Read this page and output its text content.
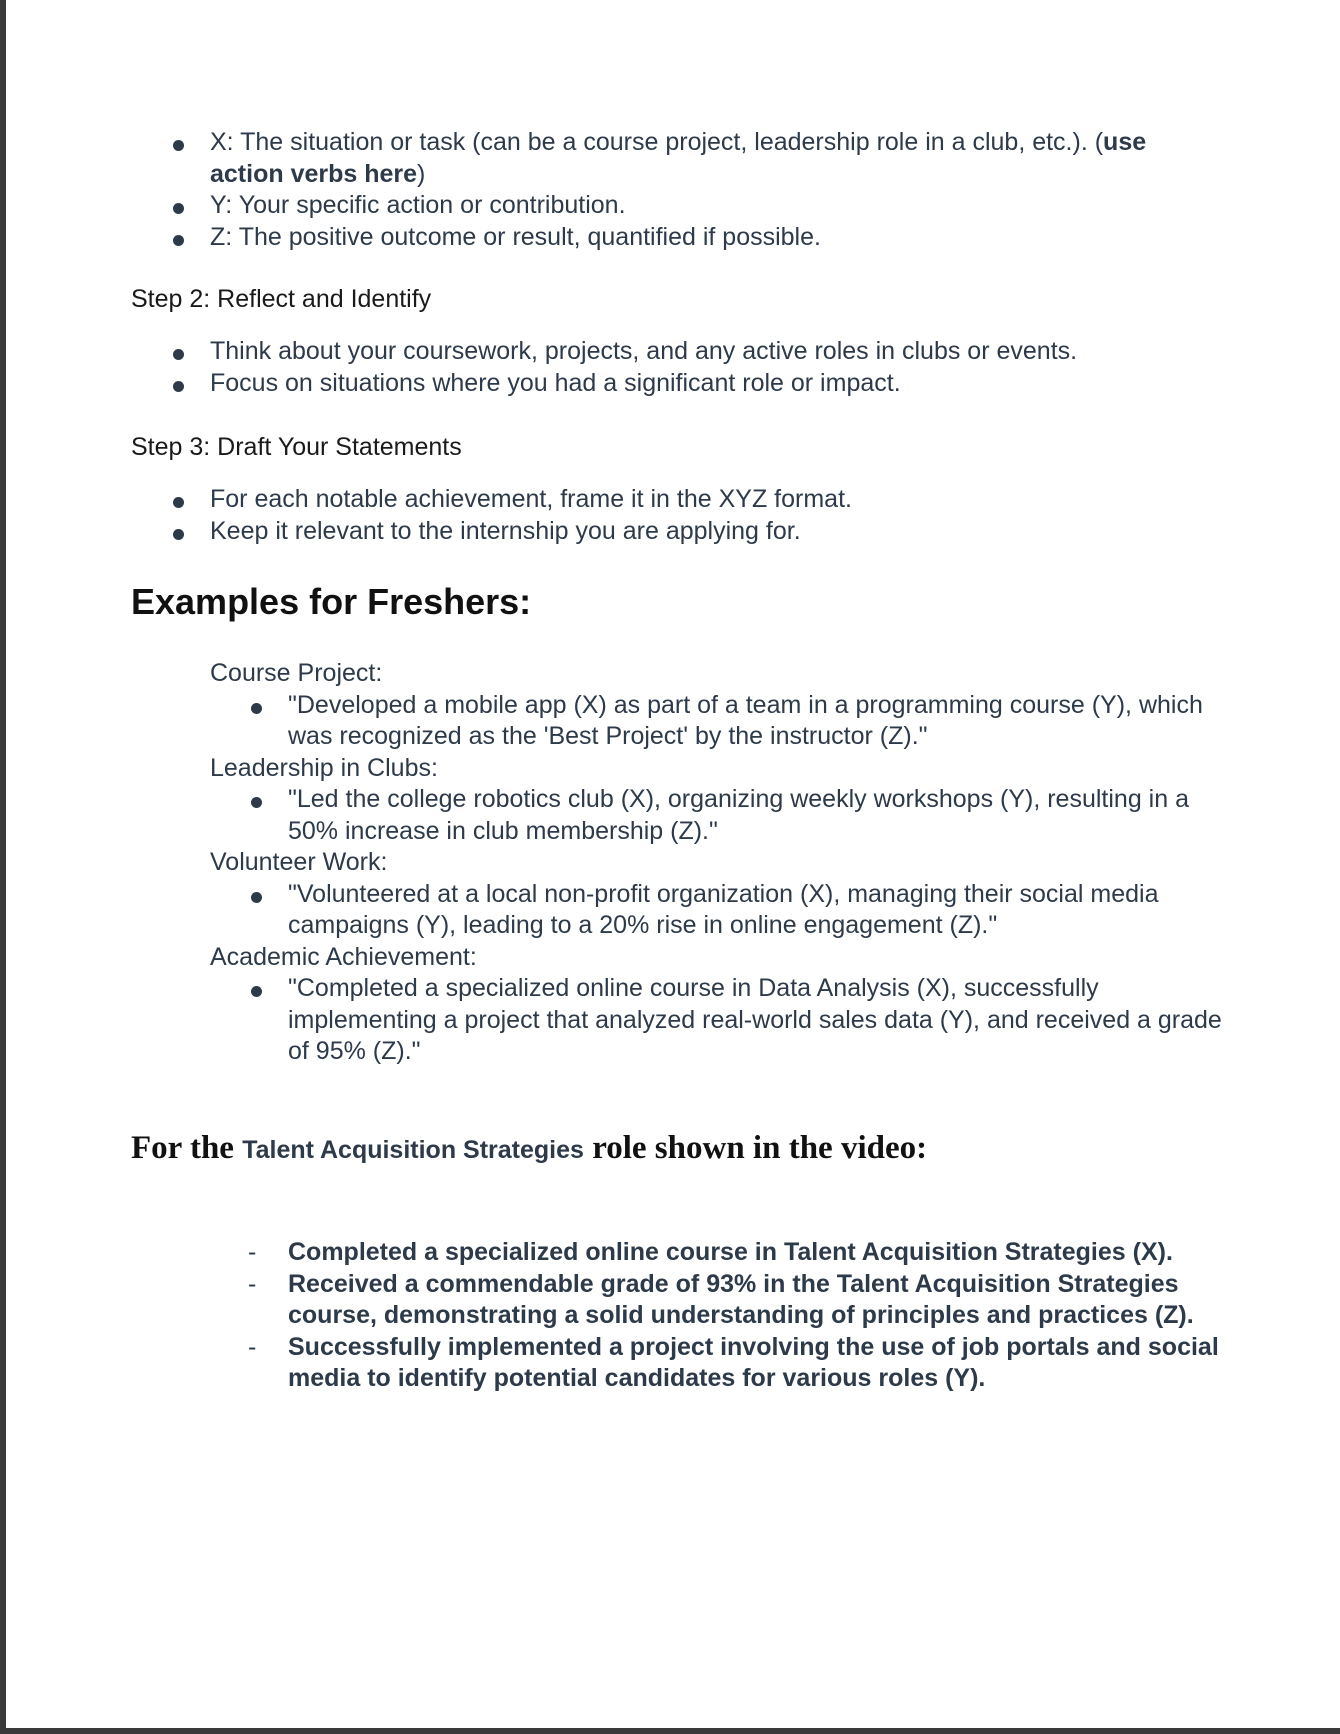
X: The situation or task (can be a course project, leadership role in a club, etc.). (use action verbs here)
Y: Your specific action or contribution.
Z: The positive outcome or result, quantified if possible.
Step 2: Reflect and Identify
Think about your coursework, projects, and any active roles in clubs or events.
Focus on situations where you had a significant role or impact.
Step 3: Draft Your Statements
For each notable achievement, frame it in the XYZ format.
Keep it relevant to the internship you are applying for.
Examples for Freshers:
Course Project:
"Developed a mobile app (X) as part of a team in a programming course (Y), which was recognized as the 'Best Project' by the instructor (Z)."
Leadership in Clubs:
"Led the college robotics club (X), organizing weekly workshops (Y), resulting in a 50% increase in club membership (Z)."
Volunteer Work:
"Volunteered at a local non-profit organization (X), managing their social media campaigns (Y), leading to a 20% rise in online engagement (Z)."
Academic Achievement:
"Completed a specialized online course in Data Analysis (X), successfully implementing a project that analyzed real-world sales data (Y), and received a grade of 95% (Z)."
For the Talent Acquisition Strategies role shown in the video:
- Completed a specialized online course in Talent Acquisition Strategies (X).
- Received a commendable grade of 93% in the Talent Acquisition Strategies course, demonstrating a solid understanding of principles and practices (Z).
- Successfully implemented a project involving the use of job portals and social media to identify potential candidates for various roles (Y).
